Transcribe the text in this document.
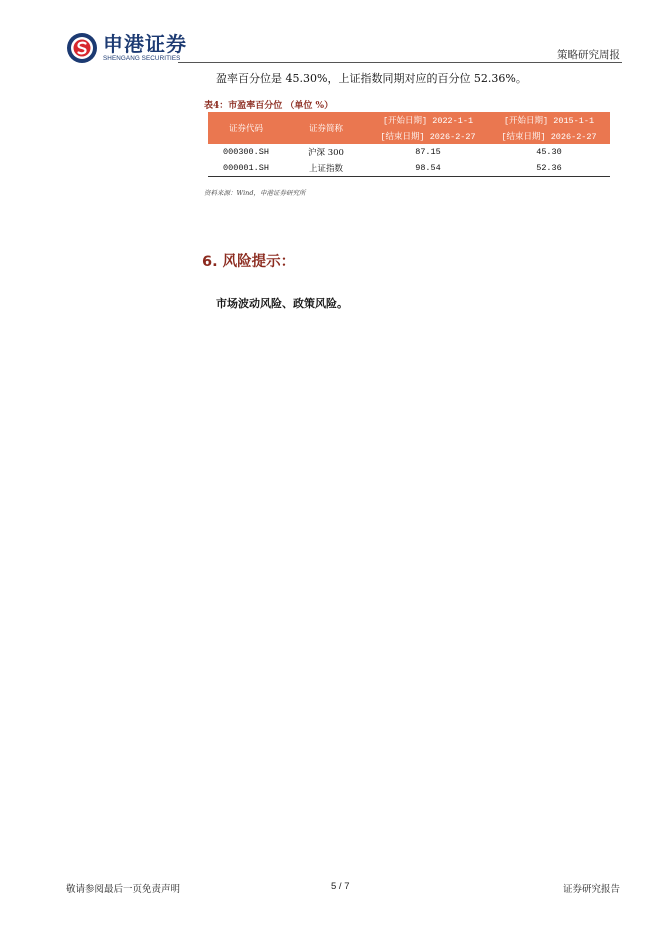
申港证券
SHENGANG SECURITIES	策略研究周报
盈率百分位是 45.30%，上证指数同期对应的百分位 52.36%。
表4：市盈率百分位 （单位 %）
证券代码	证券简称	[开始日期] 2022-1-1	[开始日期] 2015-1-1
		[结束日期] 2026-2-27	[结束日期] 2026-2-27
000300.SH	沪深 300	87.15	45.30
000001.SH	上证指数	98.54	52.36
资料来源：Wind，申港证券研究所
6. 风险提示：
市场波动风险、政策风险。
敬请参阅最后一页免责声明	5 / 7	证券研究报告
